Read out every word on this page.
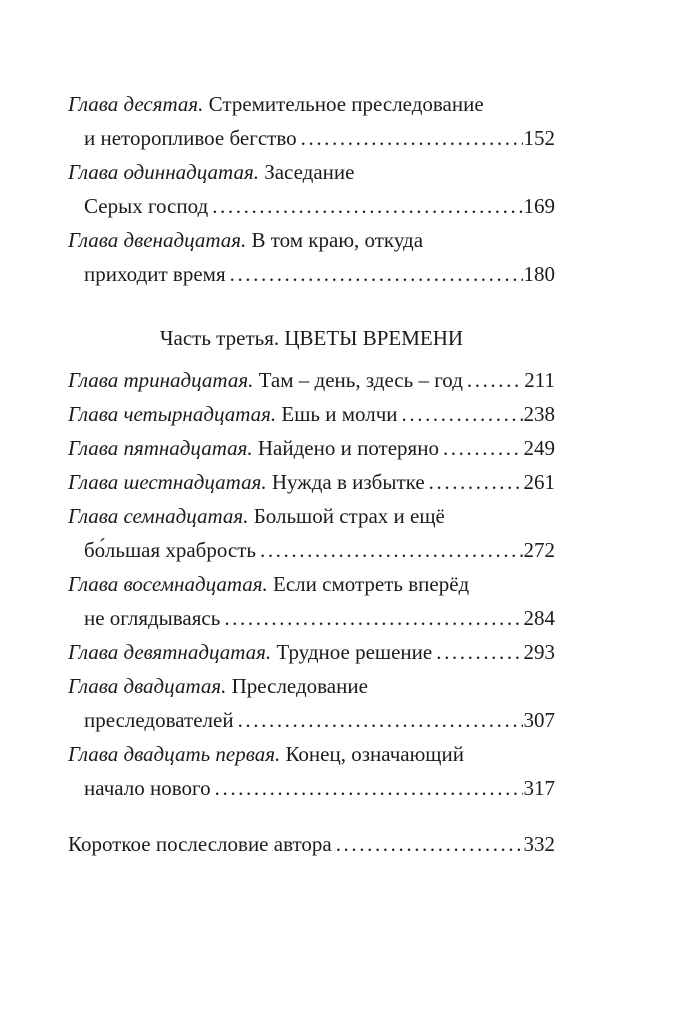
Глава десятая. Стремительное преследование
и неторопливое бегство .....	152
Глава одиннадцатая. Заседание
Серых господ .....	169
Глава двенадцатая. В том краю, откуда
приходит время .....	180
Часть третья. ЦВЕТЫ ВРЕМЕНИ
Глава тринадцатая. Там – день, здесь – год .....	211
Глава четырнадцатая. Ешь и молчи .....	238
Глава пятнадцатая. Найдено и потеряно .....	249
Глава шестнадцатая. Нужда в избытке .....	261
Глава семнадцатая. Большой страх и ещё
бо́льшая храбрость .....	272
Глава восемнадцатая. Если смотреть вперёд
не оглядываясь .....	284
Глава девятнадцатая. Трудное решение .....	293
Глава двадцатая. Преследование
преследователей .....	307
Глава двадцать первая. Конец, означающий
начало нового .....	317
Короткое послесловие автора .....	332
